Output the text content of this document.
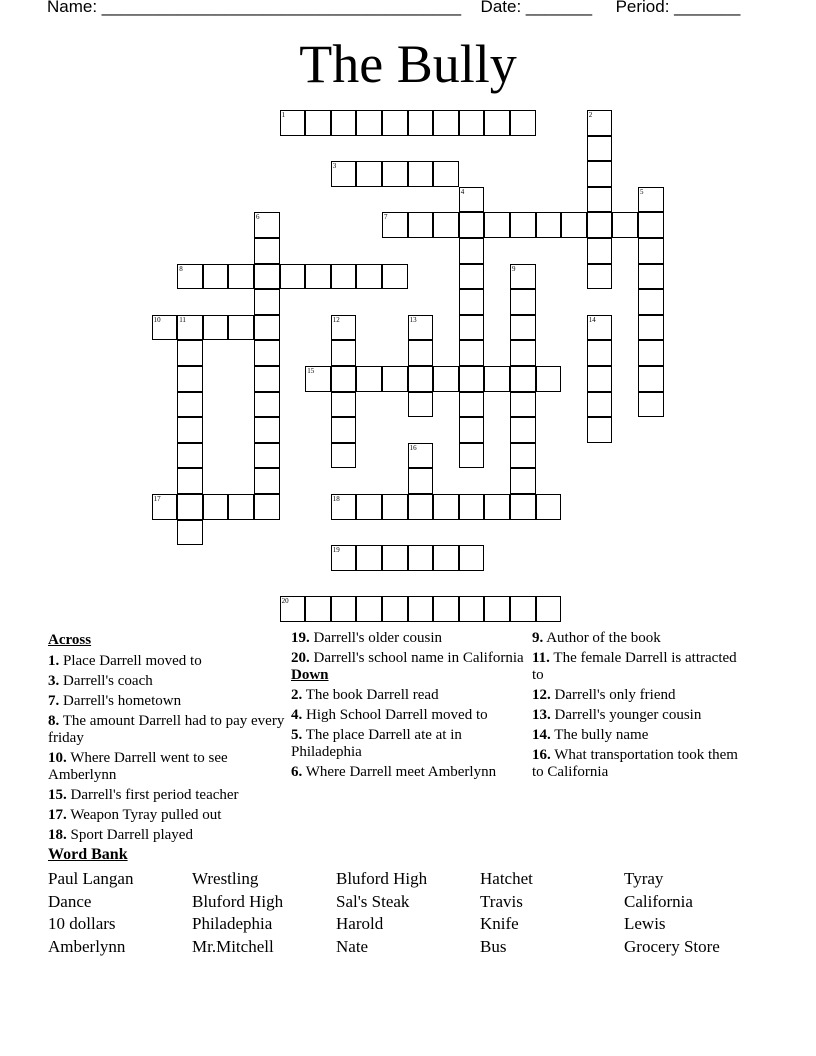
Name: ______________________________________ Date: _______ Period: _______
The Bully
1	2
3
4	5
6	7
8	9
10	11	12	13	14
15
16
17	18
19
20
Across
1. Place Darrell moved to
3. Darrell's coach
7. Darrell's hometown
8. The amount Darrell had to pay every friday
10. Where Darrell went to see Amberlynn
15. Darrell's first period teacher
17. Weapon Tyray pulled out
18. Sport Darrell played
19. Darrell's older cousin
20. Darrell's school name in California
Down
2. The book Darrell read
4. High School Darrell moved to
5. The place Darrell ate at in Philadephia
6. Where Darrell meet Amberlynn
9. Author of the book
11. The female Darrell is attracted to
12. Darrell's only friend
13. Darrell's younger cousin
14. The bully name
16. What transportation took them to California
Word Bank
Paul Langan	Wrestling	Bluford High	Hatchet	Tyray
Dance	Bluford High	Sal's Steak	Travis	California
10 dollars	Philadephia	Harold	Knife	Lewis
Amberlynn	Mr.Mitchell	Nate	Bus	Grocery Store
